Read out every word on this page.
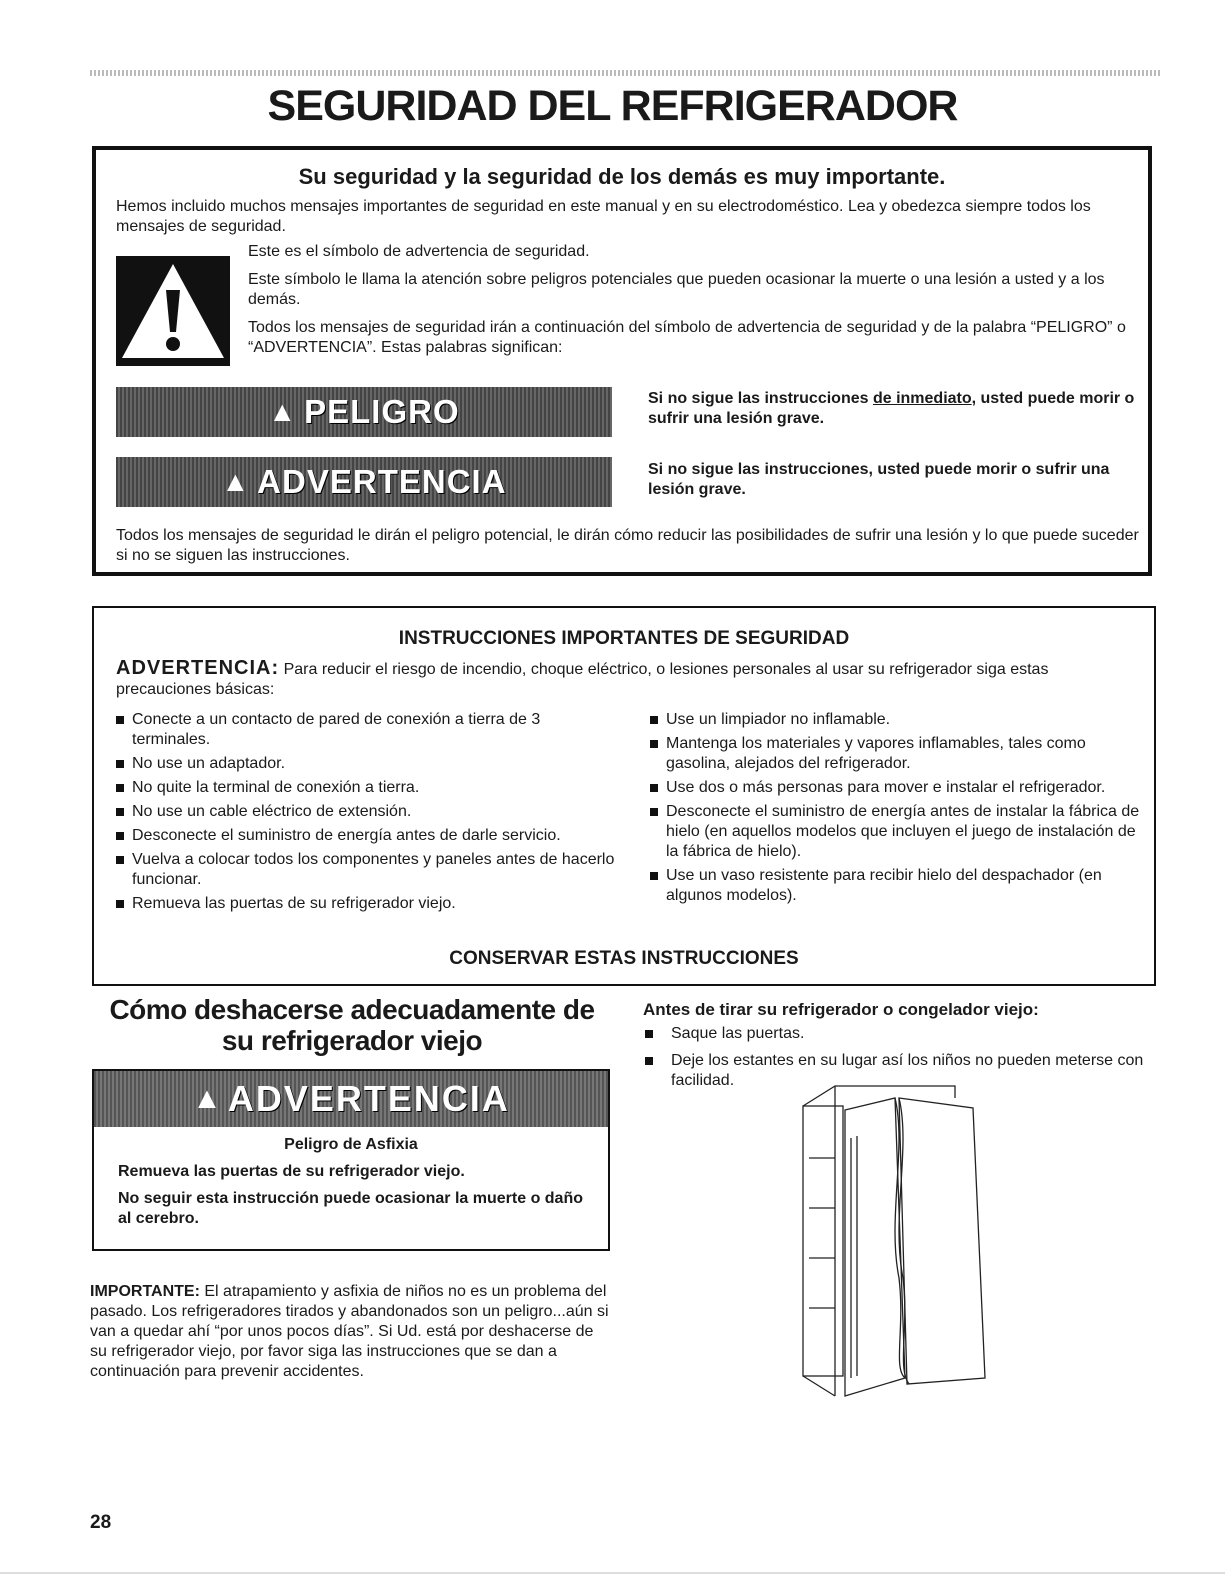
SEGURIDAD DEL REFRIGERADOR
Su seguridad y la seguridad de los demás es muy importante.

Hemos incluido muchos mensajes importantes de seguridad en este manual y en su electrodoméstico. Lea y obedezca siempre todos los mensajes de seguridad.

Este es el símbolo de advertencia de seguridad.

Este símbolo le llama la atención sobre peligros potenciales que pueden ocasionar la muerte o una lesión a usted y a los demás.

Todos los mensajes de seguridad irán a continuación del símbolo de advertencia de seguridad y de la palabra “PELIGRO” o “ADVERTENCIA”. Estas palabras significan:

▲ PELIGRO	Si no sigue las instrucciones de inmediato, usted puede morir o sufrir una lesión grave.
▲ ADVERTENCIA	Si no sigue las instrucciones, usted puede morir o sufrir una lesión grave.

Todos los mensajes de seguridad le dirán el peligro potencial, le dirán cómo reducir las posibilidades de sufrir una lesión y lo que puede suceder si no se siguen las instrucciones.

INSTRUCCIONES IMPORTANTES DE SEGURIDAD
ADVERTENCIA: Para reducir el riesgo de incendio, choque eléctrico, o lesiones personales al usar su refrigerador siga estas precauciones básicas:
Conecte a un contacto de pared de conexión a tierra de 3 terminales.
No use un adaptador.
No quite la terminal de conexión a tierra.
No use un cable eléctrico de extensión.
Desconecte el suministro de energía antes de darle servicio.
Vuelva a colocar todos los componentes y paneles antes de hacerlo funcionar.
Remueva las puertas de su refrigerador viejo.
Use un limpiador no inflamable.
Mantenga los materiales y vapores inflamables, tales como gasolina, alejados del refrigerador.
Use dos o más personas para mover e instalar el refrigerador.
Desconecte el suministro de energía antes de instalar la fábrica de hielo (en aquellos modelos que incluyen el juego de instalación de la fábrica de hielo).
Use un vaso resistente para recibir hielo del despachador (en algunos modelos).
CONSERVAR ESTAS INSTRUCCIONES
Cómo deshacerse adecuadamente de su refrigerador viejo
▲ ADVERTENCIA
Peligro de Asfixia
Remueva las puertas de su refrigerador viejo.
No seguir esta instrucción puede ocasionar la muerte o daño al cerebro.

IMPORTANTE: El atrapamiento y asfixia de niños no es un problema del pasado. Los refrigeradores tirados y abandonados son un peligro...aún si van a quedar ahí “por unos pocos días”. Si Ud. está por deshacerse de su refrigerador viejo, por favor siga las instrucciones que se dan a continuación para prevenir accidentes.

Antes de tirar su refrigerador o congelador viejo:
Saque las puertas.
Deje los estantes en su lugar así los niños no pueden meterse con facilidad.
28
